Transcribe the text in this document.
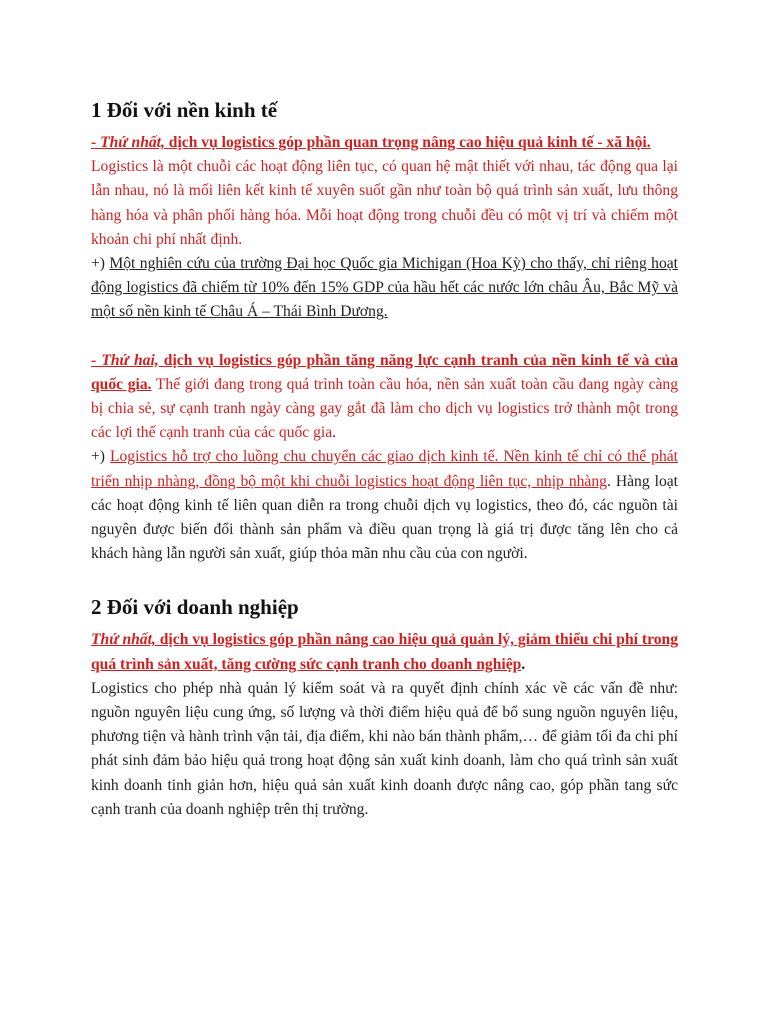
1 Đối với nền kinh tế

- Thứ nhất, dịch vụ logistics góp phần quan trọng nâng cao hiệu quả kinh tế - xã hội.

Logistics là một chuỗi các hoạt động liên tục, có quan hệ mật thiết với nhau, tác động qua lại lẫn nhau, nó là mối liên kết kinh tế xuyên suốt gần như toàn bộ quá trình sản xuất, lưu thông hàng hóa và phân phối hàng hóa. Mỗi hoạt động trong chuỗi đều có một vị trí và chiếm một khoản chi phí nhất định.

+) Một nghiên cứu của trường Đại học Quốc gia Michigan (Hoa Kỳ) cho thấy, chỉ riêng hoạt động logistics đã chiếm từ 10% đến 15% GDP của hầu hết các nước lớn châu Âu, Bắc Mỹ và một số nền kinh tế Châu Á – Thái Bình Dương.

- Thứ hai, dịch vụ logistics góp phần tăng năng lực cạnh tranh của nền kinh tế và của quốc gia. Thế giới đang trong quá trình toàn cầu hóa, nền sản xuất toàn cầu đang ngày càng bị chia sẻ, sự cạnh tranh ngày càng gay gắt đã làm cho dịch vụ logistics trở thành một trong các lợi thế cạnh tranh của các quốc gia.

+) Logistics hỗ trợ cho luồng chu chuyển các giao dịch kinh tế. Nền kinh tế chỉ có thể phát triển nhịp nhàng, đồng bộ một khi chuỗi logistics hoạt động liên tục, nhịp nhàng. Hàng loạt các hoạt động kinh tế liên quan diễn ra trong chuỗi dịch vụ logistics, theo đó, các nguồn tài nguyên được biến đổi thành sản phẩm và điều quan trọng là giá trị được tăng lên cho cả khách hàng lẫn người sản xuất, giúp thỏa mãn nhu cầu của con người.

2 Đối với doanh nghiệp

Thứ nhất, dịch vụ logistics góp phần nâng cao hiệu quả quản lý, giảm thiểu chi phí trong quá trình sản xuất, tăng cường sức cạnh tranh cho doanh nghiệp.

Logistics cho phép nhà quản lý kiểm soát và ra quyết định chính xác về các vấn đề như: nguồn nguyên liệu cung ứng, số lượng và thời điểm hiệu quả để bổ sung nguồn nguyên liệu, phương tiện và hành trình vận tải, địa điểm, khi nào bán thành phẩm,… để giảm tối đa chi phí phát sinh đảm bảo hiệu quả trong hoạt động sản xuất kinh doanh, làm cho quá trình sản xuất kinh doanh tinh giản hơn, hiệu quả sản xuất kinh doanh được nâng cao, góp phần tang sức cạnh tranh của doanh nghiệp trên thị trường.
